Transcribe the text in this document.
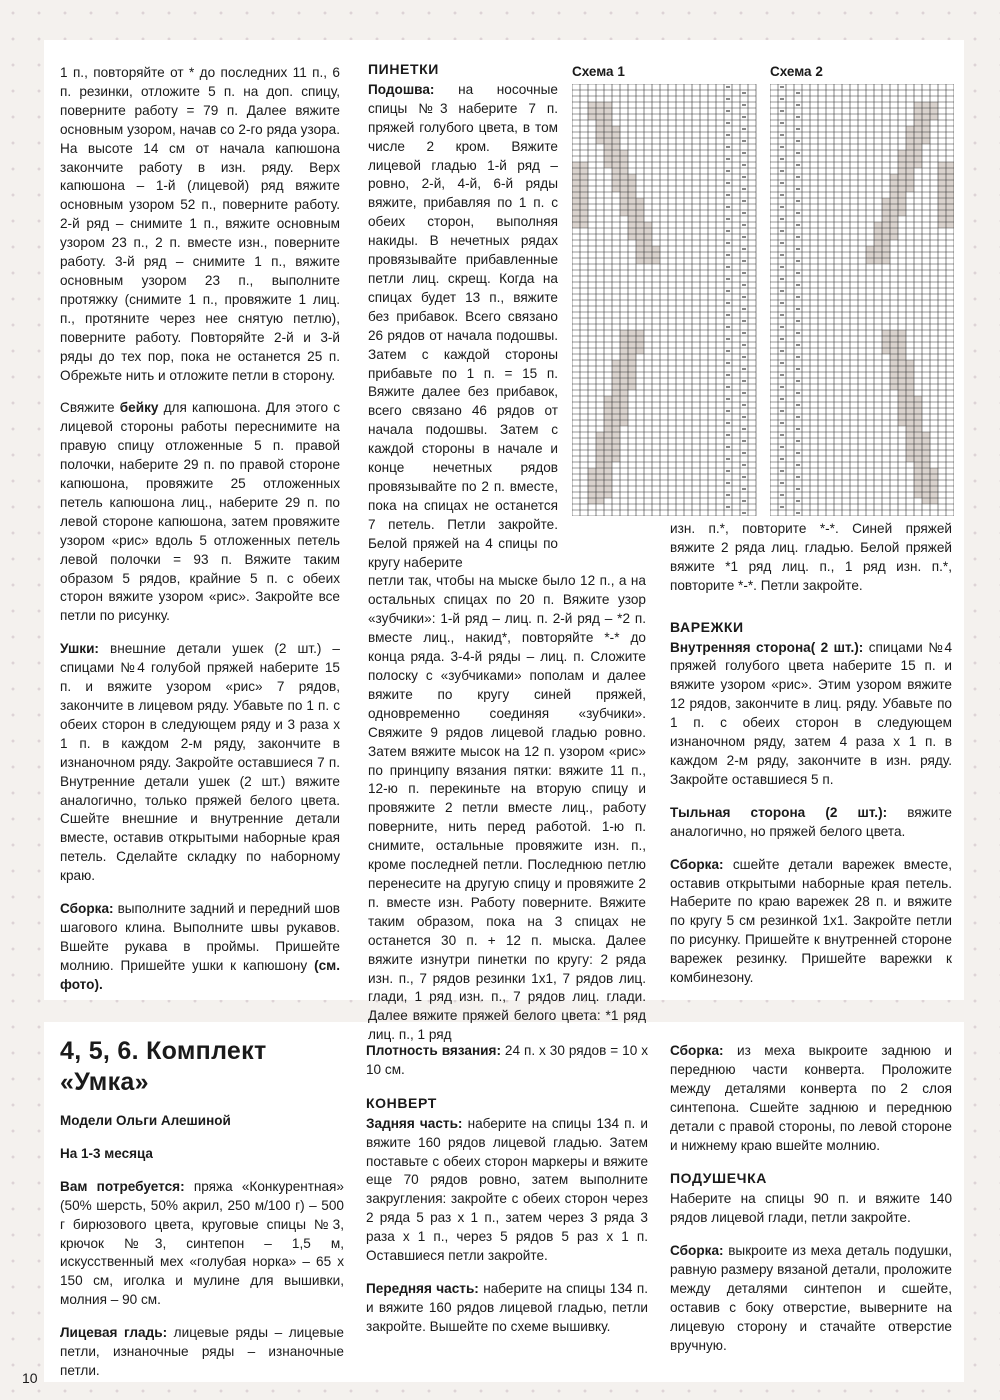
1 п., повторяйте от * до последних 11 п., 6 п. резинки, отложите 5 п. на доп. спицу, поверните работу = 79 п. Далее вяжите основным узором, начав со 2-го ряда узора. На высоте 14 см от начала капюшона закончите работу в изн. ряду. Верх капюшона – 1-й (лицевой) ряд вяжите основным узором 52 п., поверните работу. 2-й ряд – снимите 1 п., вяжите основным узором 23 п., 2 п. вместе изн., поверните работу. 3-й ряд – снимите 1 п., вяжите основным узором 23 п., выполните протяжку (снимите 1 п., провяжите 1 лиц. п., протяните через нее снятую петлю), поверните работу. Повторяйте 2-й и 3-й ряды до тех пор, пока не останется 25 п. Обрежьте нить и отложите петли в сторону.

Свяжите бейку для капюшона. Для этого с лицевой стороны работы переснимите на правую спицу отложенные 5 п. правой полочки, наберите 29 п. по правой стороне капюшона, провяжите 25 отложенных петель капюшона лиц., наберите 29 п. по левой стороне капюшона, затем провяжите узором «рис» вдоль 5 отложенных петель левой полочки = 93 п. Вяжите таким образом 5 рядов, крайние 5 п. с обеих сторон вяжите узором «рис». Закройте все петли по рисунку.

Ушки: внешние детали ушек (2 шт.) – спицами №4 голубой пряжей наберите 15 п. и вяжите узором «рис» 7 рядов, закончите в лицевом ряду. Убавьте по 1 п. с обеих сторон в следующем ряду и 3 раза х 1 п. в каждом 2-м ряду, закончите в изнаночном ряду. Закройте оставшиеся 7 п. Внутренние детали ушек (2 шт.) вяжите аналогично, только пряжей белого цвета. Сшейте внешние и внутренние детали вместе, оставив открытыми наборные края петель. Сделайте складку по наборному краю.

Сборка: выполните задний и передний шов шагового клина. Выполните швы рукавов. Вшейте рукава в проймы. Пришейте молнию. Пришейте ушки к капюшону (см. фото).

ПИНЕТКИ

Подошва: на носочные спицы №3 наберите 7 п. пряжей голубого цвета, в том числе 2 кром. Вяжите лицевой гладью 1-й ряд – ровно, 2-й, 4-й, 6-й ряды вяжите, прибавляя по 1 п. с обеих сторон, выполняя накиды. В нечетных рядах провязывайте прибавленные петли лиц. скрещ. Когда на спицах будет 13 п., вяжите без прибавок. Всего связано 26 рядов от начала подошвы. Затем с каждой стороны прибавьте по 1 п. = 15 п. Вяжите далее без прибавок, всего связано 46 рядов от начала подошвы. Затем с каждой стороны в начале и конце нечетных рядов провязывайте по 2 п. вместе, пока на спицах не останется 7 петель. Петли закройте. Белой пряжей на 4 спицы по кругу наберите

петли так, чтобы на мыске было 12 п., а на остальных спицах по 20 п. Вяжите узор «зубчики»: 1-й ряд – лиц. п. 2-й ряд – *2 п. вместе лиц., накид*, повторяйте *-* до конца ряда. 3-4-й ряды – лиц. п. Сложите полоску с «зубчиками» пополам и далее вяжите по кругу синей пряжей, одновременно соединяя «зубчики». Свяжите 9 рядов лицевой гладью ровно. Затем вяжите мысок на 12 п. узором «рис» по принципу вязания пятки: вяжите 11 п., 12-ю п. перекиньте на вторую спицу и провяжите 2 петли вместе лиц., работу поверните, нить перед работой. 1-ю п. снимите, остальные провяжите изн. п., кроме последней петли. Последнюю петлю перенесите на другую спицу и провяжите 2 п. вместе изн. Работу поверните. Вяжите таким образом, пока на 3 спицах не останется 30 п. + 12 п. мыска. Далее вяжите изнутри пинетки по кругу: 2 ряда изн. п., 7 рядов резинки 1x1, 7 рядов лиц. глади, 1 ряд изн. п., 7 рядов лиц. глади. Далее вяжите пряжей белого цвета: *1 ряд лиц. п., 1 ряд

Схема 1	Схема 2

изн. п.*, повторите *-*. Синей пряжей вяжите 2 ряда лиц. гладью. Белой пряжей вяжите *1 ряд лиц. п., 1 ряд изн. п.*, повторите *-*. Петли закройте.

ВАРЕЖКИ

Внутренняя сторона( 2 шт.): спицами №4 пряжей голубого цвета наберите 15 п. и вяжите узором «рис». Этим узором вяжите 12 рядов, закончите в лиц. ряду. Убавьте по 1 п. с обеих сторон в следующем изнаночном ряду, затем 4 раза х 1 п. в каждом 2-м ряду, закончите в изн. ряду. Закройте оставшиеся 5 п.

Тыльная сторона (2 шт.): вяжите аналогично, но пряжей белого цвета.

Сборка: сшейте детали варежек вместе, оставив открытыми наборные края петель. Наберите по краю варежек 28 п. и вяжите по кругу 5 см резинкой 1x1. Закройте петли по рисунку. Пришейте к внутренней стороне варежек резинку. Пришейте варежки к комбинезону.

4, 5, 6. Комплект
«Умка»
Модели Ольги Алешиной
На 1-3 месяца

Вам потребуется: пряжа «Конкурентная» (50% шерсть, 50% акрил, 250 м/100 г) – 500 г бирюзового цвета, круговые спицы №3, крючок №3, синтепон – 1,5 м, искусственный мех «голубая норка» – 65 х 150 см, иголка и мулине для вышивки, молния – 90 см.

Лицевая гладь: лицевые ряды – лицевые петли, изнаночные ряды – изнаночные петли.

Плотность вязания: 24 п. х 30 рядов = 10 х 10 см.

КОНВЕРТ

Задняя часть: наберите на спицы 134 п. и вяжите 160 рядов лицевой гладью. Затем поставьте с обеих сторон маркеры и вяжите еще 70 рядов ровно, затем выполните закругления: закройте с обеих сторон через 2 ряда 5 раз х 1 п., затем через 3 ряда 3 раза х 1 п., через 5 рядов 5 раз х 1 п. Оставшиеся петли закройте.

Передняя часть: наберите на спицы 134 п. и вяжите 160 рядов лицевой гладью, петли закройте. Вышейте по схеме вышивку.

Сборка: из меха выкроите заднюю и переднюю части конверта. Проложите между деталями конверта по 2 слоя синтепона. Сшейте заднюю и переднюю детали с правой стороны, по левой стороне и нижнему краю вшейте молнию.

ПОДУШЕЧКА

Наберите на спицы 90 п. и вяжите 140 рядов лицевой глади, петли закройте.

Сборка: выкроите из меха деталь подушки, равную размеру вязаной детали, проложите между деталями синтепон и сшейте, оставив с боку отверстие, выверните на лицевую сторону и стачайте отверстие вручную.

10
